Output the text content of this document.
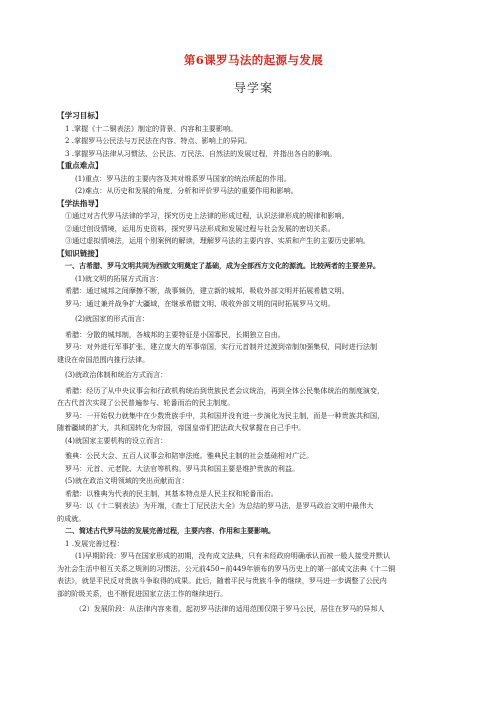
第6课罗马法的起源与发展

导学案

【学习目标】

1 .掌握《十二铜表法》制定的背景、内容和主要影响。

2 .掌握罗马公民法与万民法在内容、特点、影响上的异同。

3 .掌握罗马法律从习惯法、公民法、万民法、自然法的发展过程，并指出各自的影响。

【重点难点】

(1)重点：罗马法的主要内容及其对维系罗马国家的统治所起的作用。

(2)难点：从历史和发展的角度，分析和评价罗马法的重要作用和影响。

【学法指导】

①通过对古代罗马法律的学习，探究历史上法律的形成过程，认识法律形成的规律和影响。

②通过创设情境，运用历史资料，探究罗马法形成和发展过程与社会发展的密切关系。

③通过虚拟情境法，运用个别案例的解读，理解罗马法的主要内容、实质和产生的主要历史影响。

【知识链接】

一、古希腊、罗马文明共同为西欧文明奠定了基础，成为全部西方文化的源流。比较两者的主要差异。

(1)就文明的拓展方式而言：

希腊：通过城邦之间摩擦不断，战事频仍，建立新的城邦，吸收外部文明并拓展希腊文明。

罗马：通过兼并战争扩大疆域，在继承希腊文明、吸收外部文明的同时拓展罗马文明。

(2)就国家的形式而言：

希腊：分散的城邦制，各城邦的主要特征是小国寡民，长期独立自由。

罗马：对外进行军事扩张，建立庞大的军事帝国，实行元首制并过渡到帝制加强集权，同时进行法制

建设在帝国范围内推行法律。

(3)就政治体制和统治方式而言：

希腊：经历了从中央议事会和行政机构统治到贵族民老会议统治，再到全体公民集体统治的制度演变，

在古代首次实现了公民普遍参与、轮番而治的民主制度。

罗马：一开始权力就集中在少数贵族手中，共和国并没有进一步演化为民主制，而是一种贵族共和国，

随着疆域的扩大，共和国转化为帝国，帝国皇帝们把法政大权掌握在自己手中。

(4)就国家主要机构的设立而言：

雅典：公民大会、五百人议事会和陪审法庭。雅典民主制的社会基础相对广泛。

罗马：元首、元老院、大法官等机构。罗马共和国主要是维护贵族的利益。

(5)就在政治文明领域的突出贡献而言：

希腊：以雅典为代表的民主制，其基本特点是人民主权和轮番而治。

罗马：以《十二铜表法》为开端，《查士丁尼民法大全》为总结的罗马法，是罗马政治文明中最伟大

的成就。

二、简述古代罗马法的发展完善过程，主要内容、作用和主要影响。

1 .发展完善过程：

(1)早期阶段：罗马在国家形成的初期，没有成文法典，只有未经政府明确承认而被一般人接受并默认

为社会生活中相互关系之规则的习惯法。公元前450~前449年颁布的罗马历史上的第一部成文法典《十二铜

表法》，就是平民反对贵族斗争取得的成果。此后，随着平民与贵族斗争的继续，罗马进一步调整了公民内

部的阶级关系，也不断促进国家立法工作的继续进行。

（2）发展阶段：从法律内容来看，起初罗马法律的适用范围仅限于罗马公民，居住在罗马的异邦人
